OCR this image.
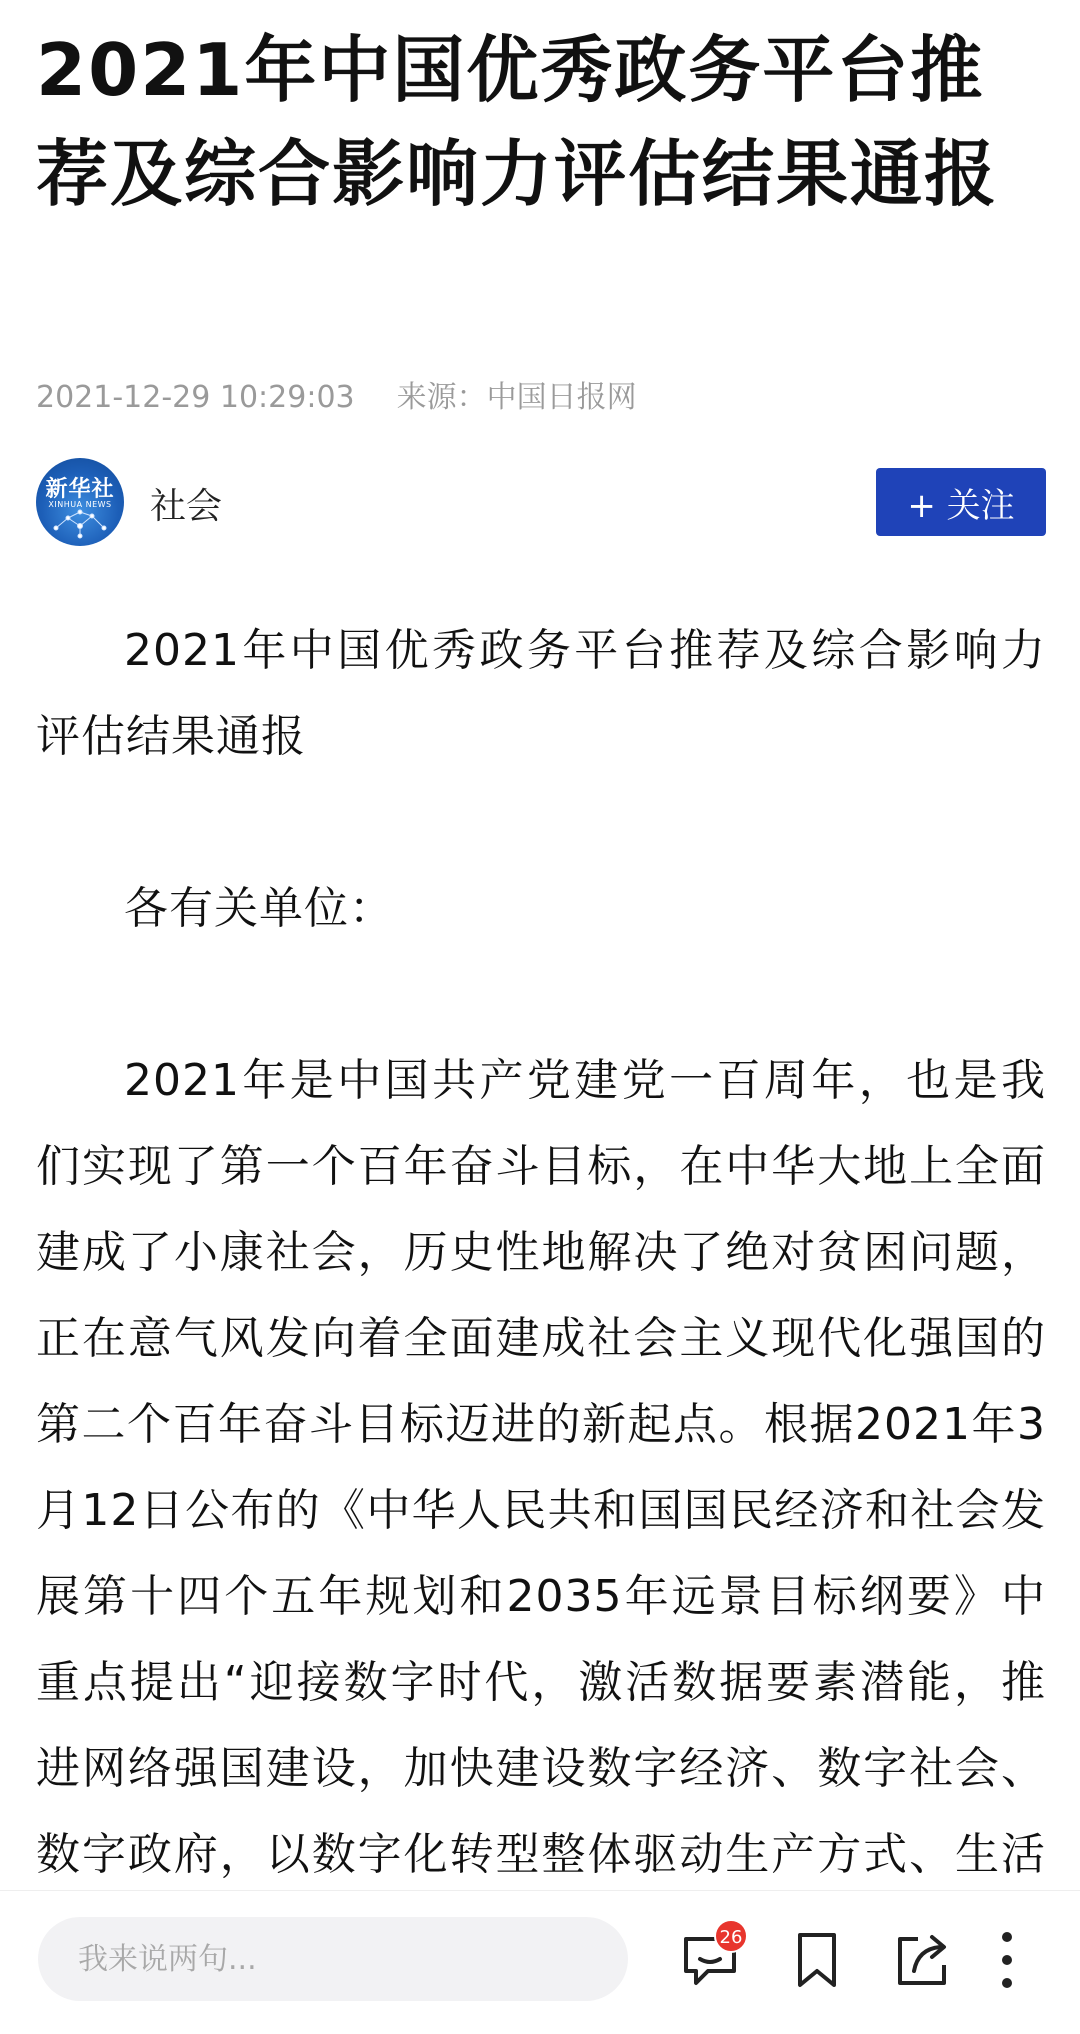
2021年中国优秀政务平台推荐及综合影响力评估结果通报
2021-12-29 10:29:03 来源：中国日报网
新华社
XINHUA NEWS	社会	+ 关注

2021年中国优秀政务平台推荐及综合影响力评估结果通报

各有关单位：

2021年是中国共产党建党一百周年，也是我们实现了第一个百年奋斗目标，在中华大地上全面建成了小康社会，历史性地解决了绝对贫困问题，正在意气风发向着全面建成社会主义现代化强国的第二个百年奋斗目标迈进的新起点。根据2021年3月12日公布的《中华人民共和国国民经济和社会发展第十四个五年规划和2035年远景目标纲要》中重点提出“迎接数字时代，激活数据要素潜能，推进网络强国建设，加快建设数字经济、数字社会、数字政府，以数字化转型整体驱动生产方式、生活

我来说两句...
26
